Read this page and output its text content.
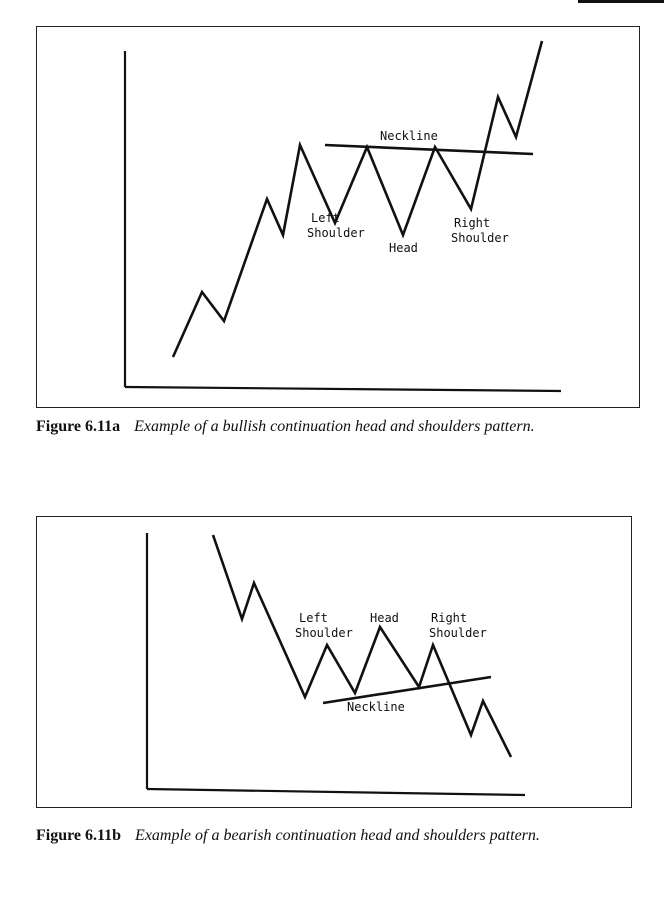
Neckline
Left
Shoulder
Head
Right
Shoulder
Figure 6.11a Example of a bullish continuation head and shoulders pattern.
Left
Shoulder
Head	Right
Shoulder
Neckline
Figure 6.11b Example of a bearish continuation head and shoulders pattern.
